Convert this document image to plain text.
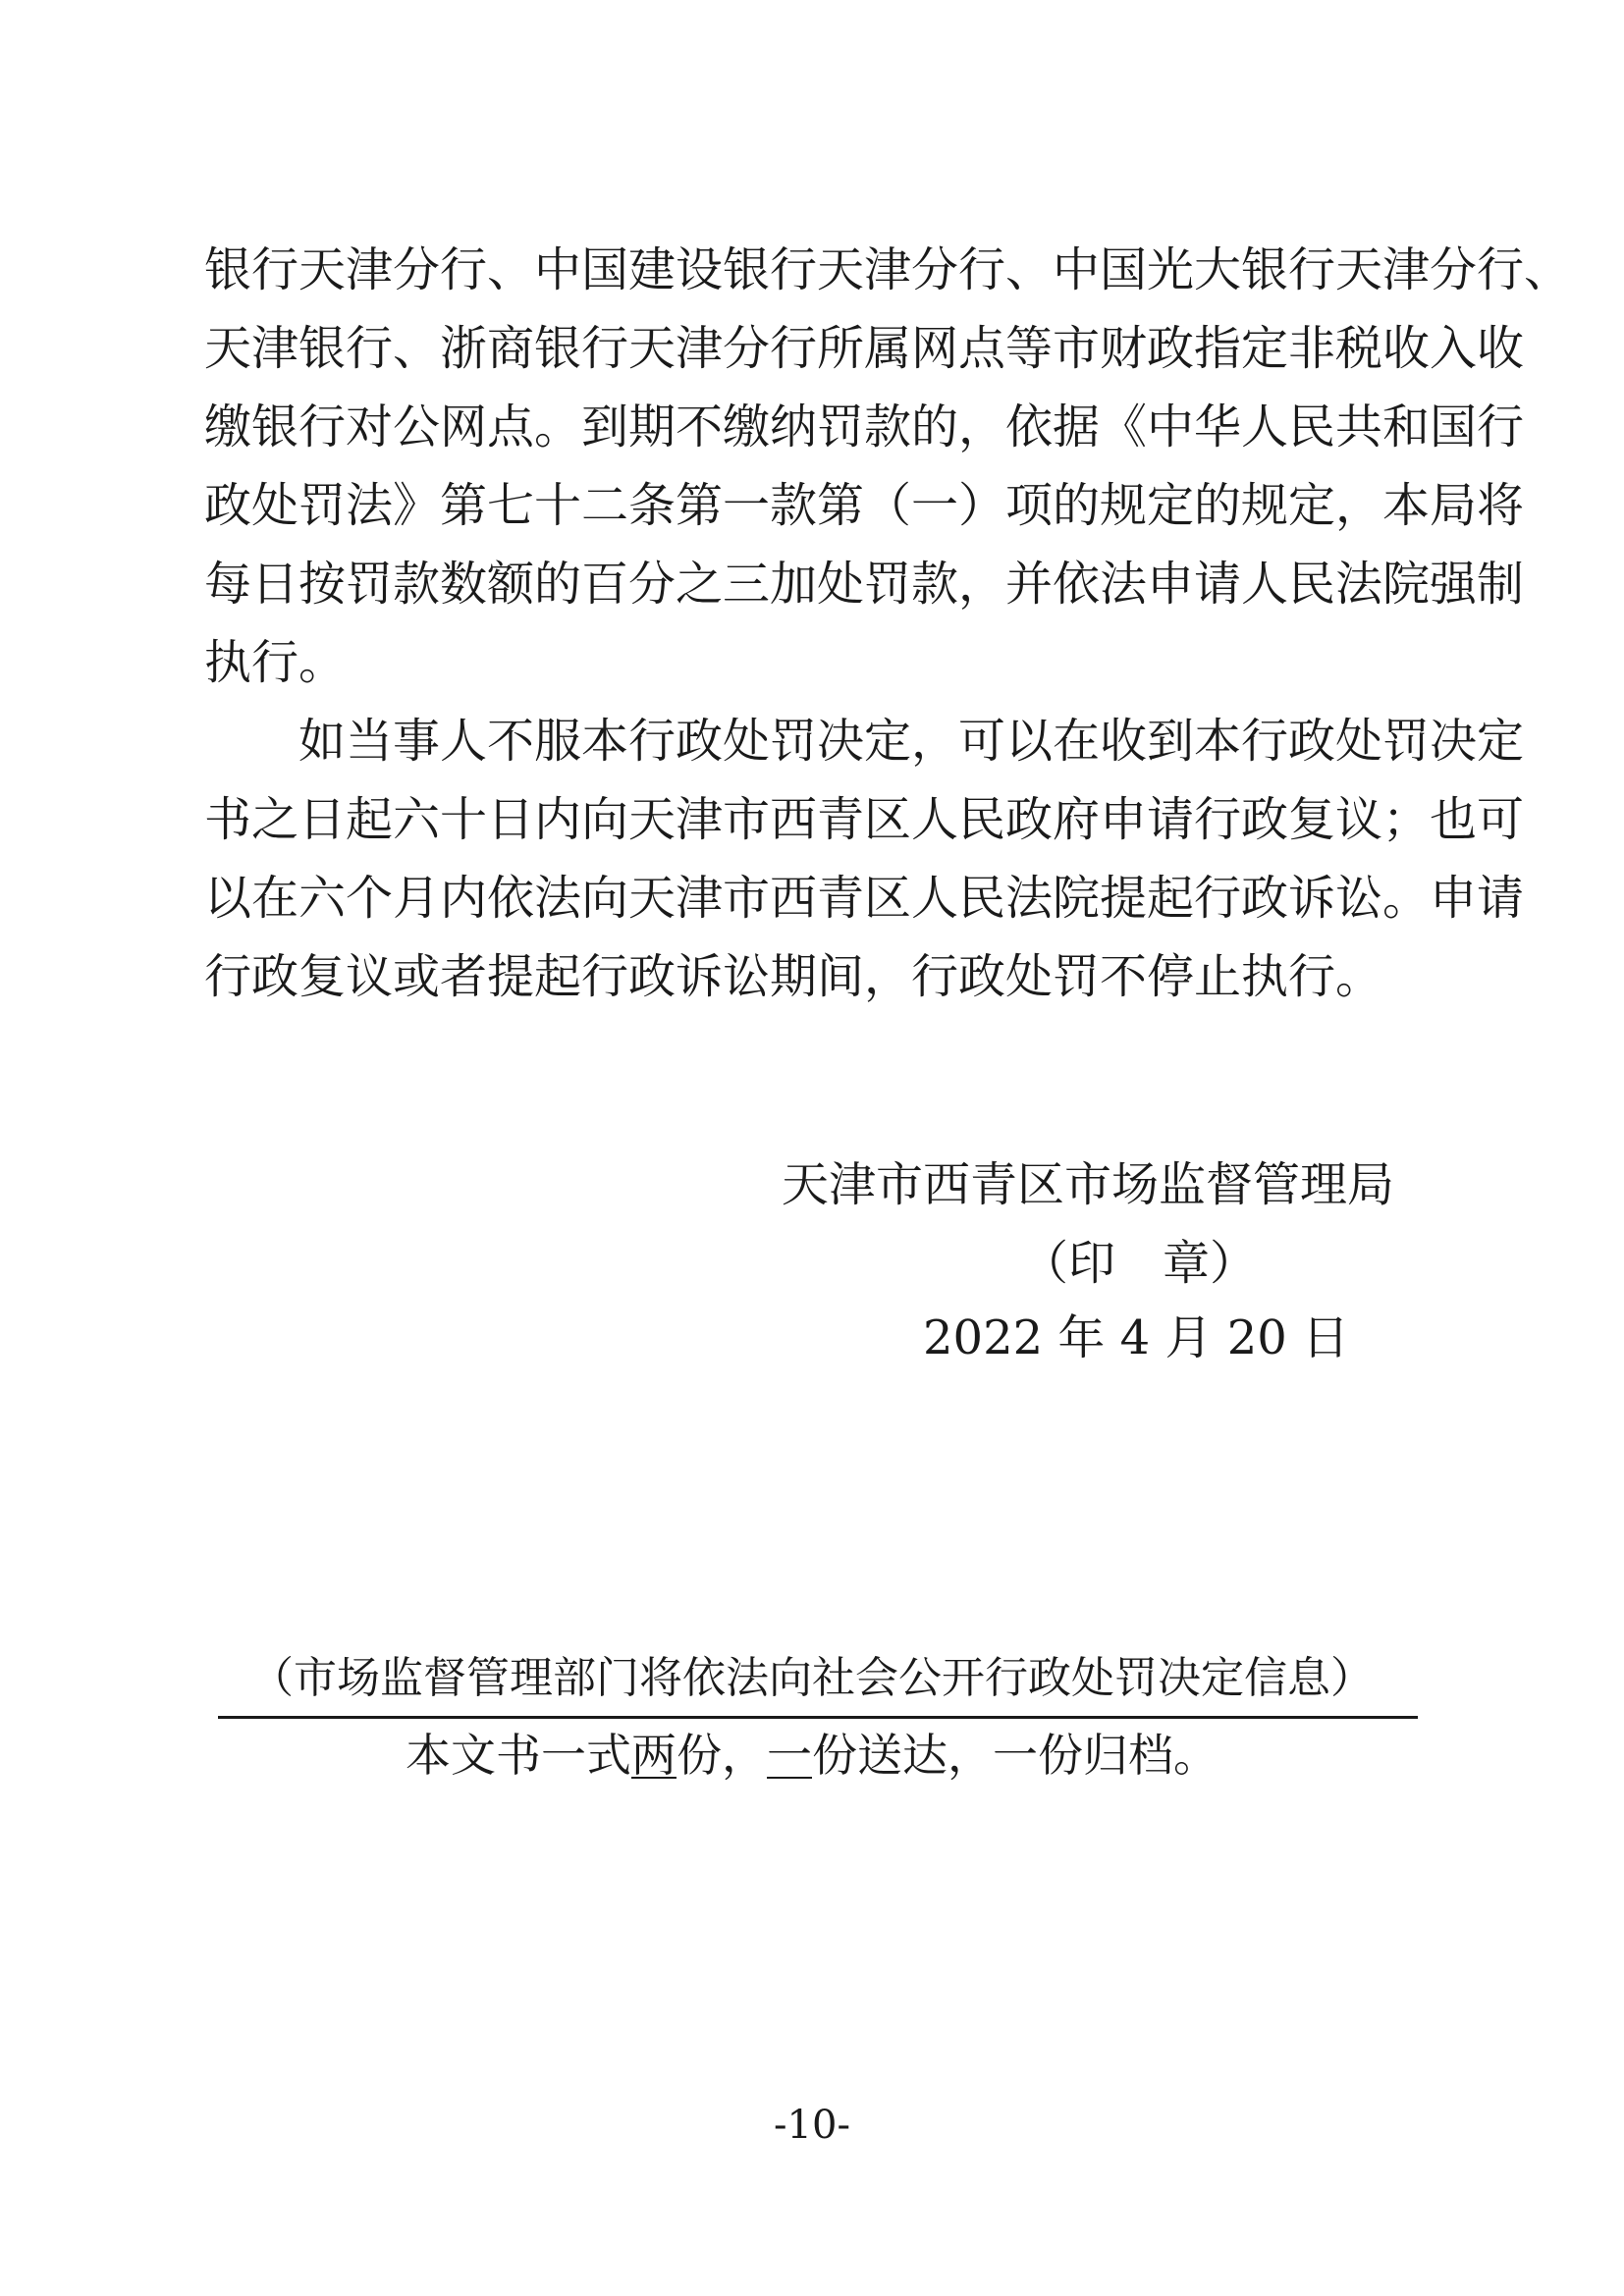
银行天津分行、中国建设银行天津分行、中国光大银行天津分行、
天津银行、浙商银行天津分行所属网点等市财政指定非税收入收
缴银行对公网点。到期不缴纳罚款的，依据《中华人民共和国行
政处罚法》第七十二条第一款第（一）项的规定的规定，本局将
每日按罚款数额的百分之三加处罚款，并依法申请人民法院强制
执行。
　　如当事人不服本行政处罚决定，可以在收到本行政处罚决定
书之日起六十日内向天津市西青区人民政府申请行政复议；也可
以在六个月内依法向天津市西青区人民法院提起行政诉讼。申请
行政复议或者提起行政诉讼期间，行政处罚不停止执行。
天津市西青区市场监督管理局
（印　章）
2022 年 4 月 20 日
（市场监督管理部门将依法向社会公开行政处罚决定信息）
本文书一式两份，一份送达，一份归档。
-10-
